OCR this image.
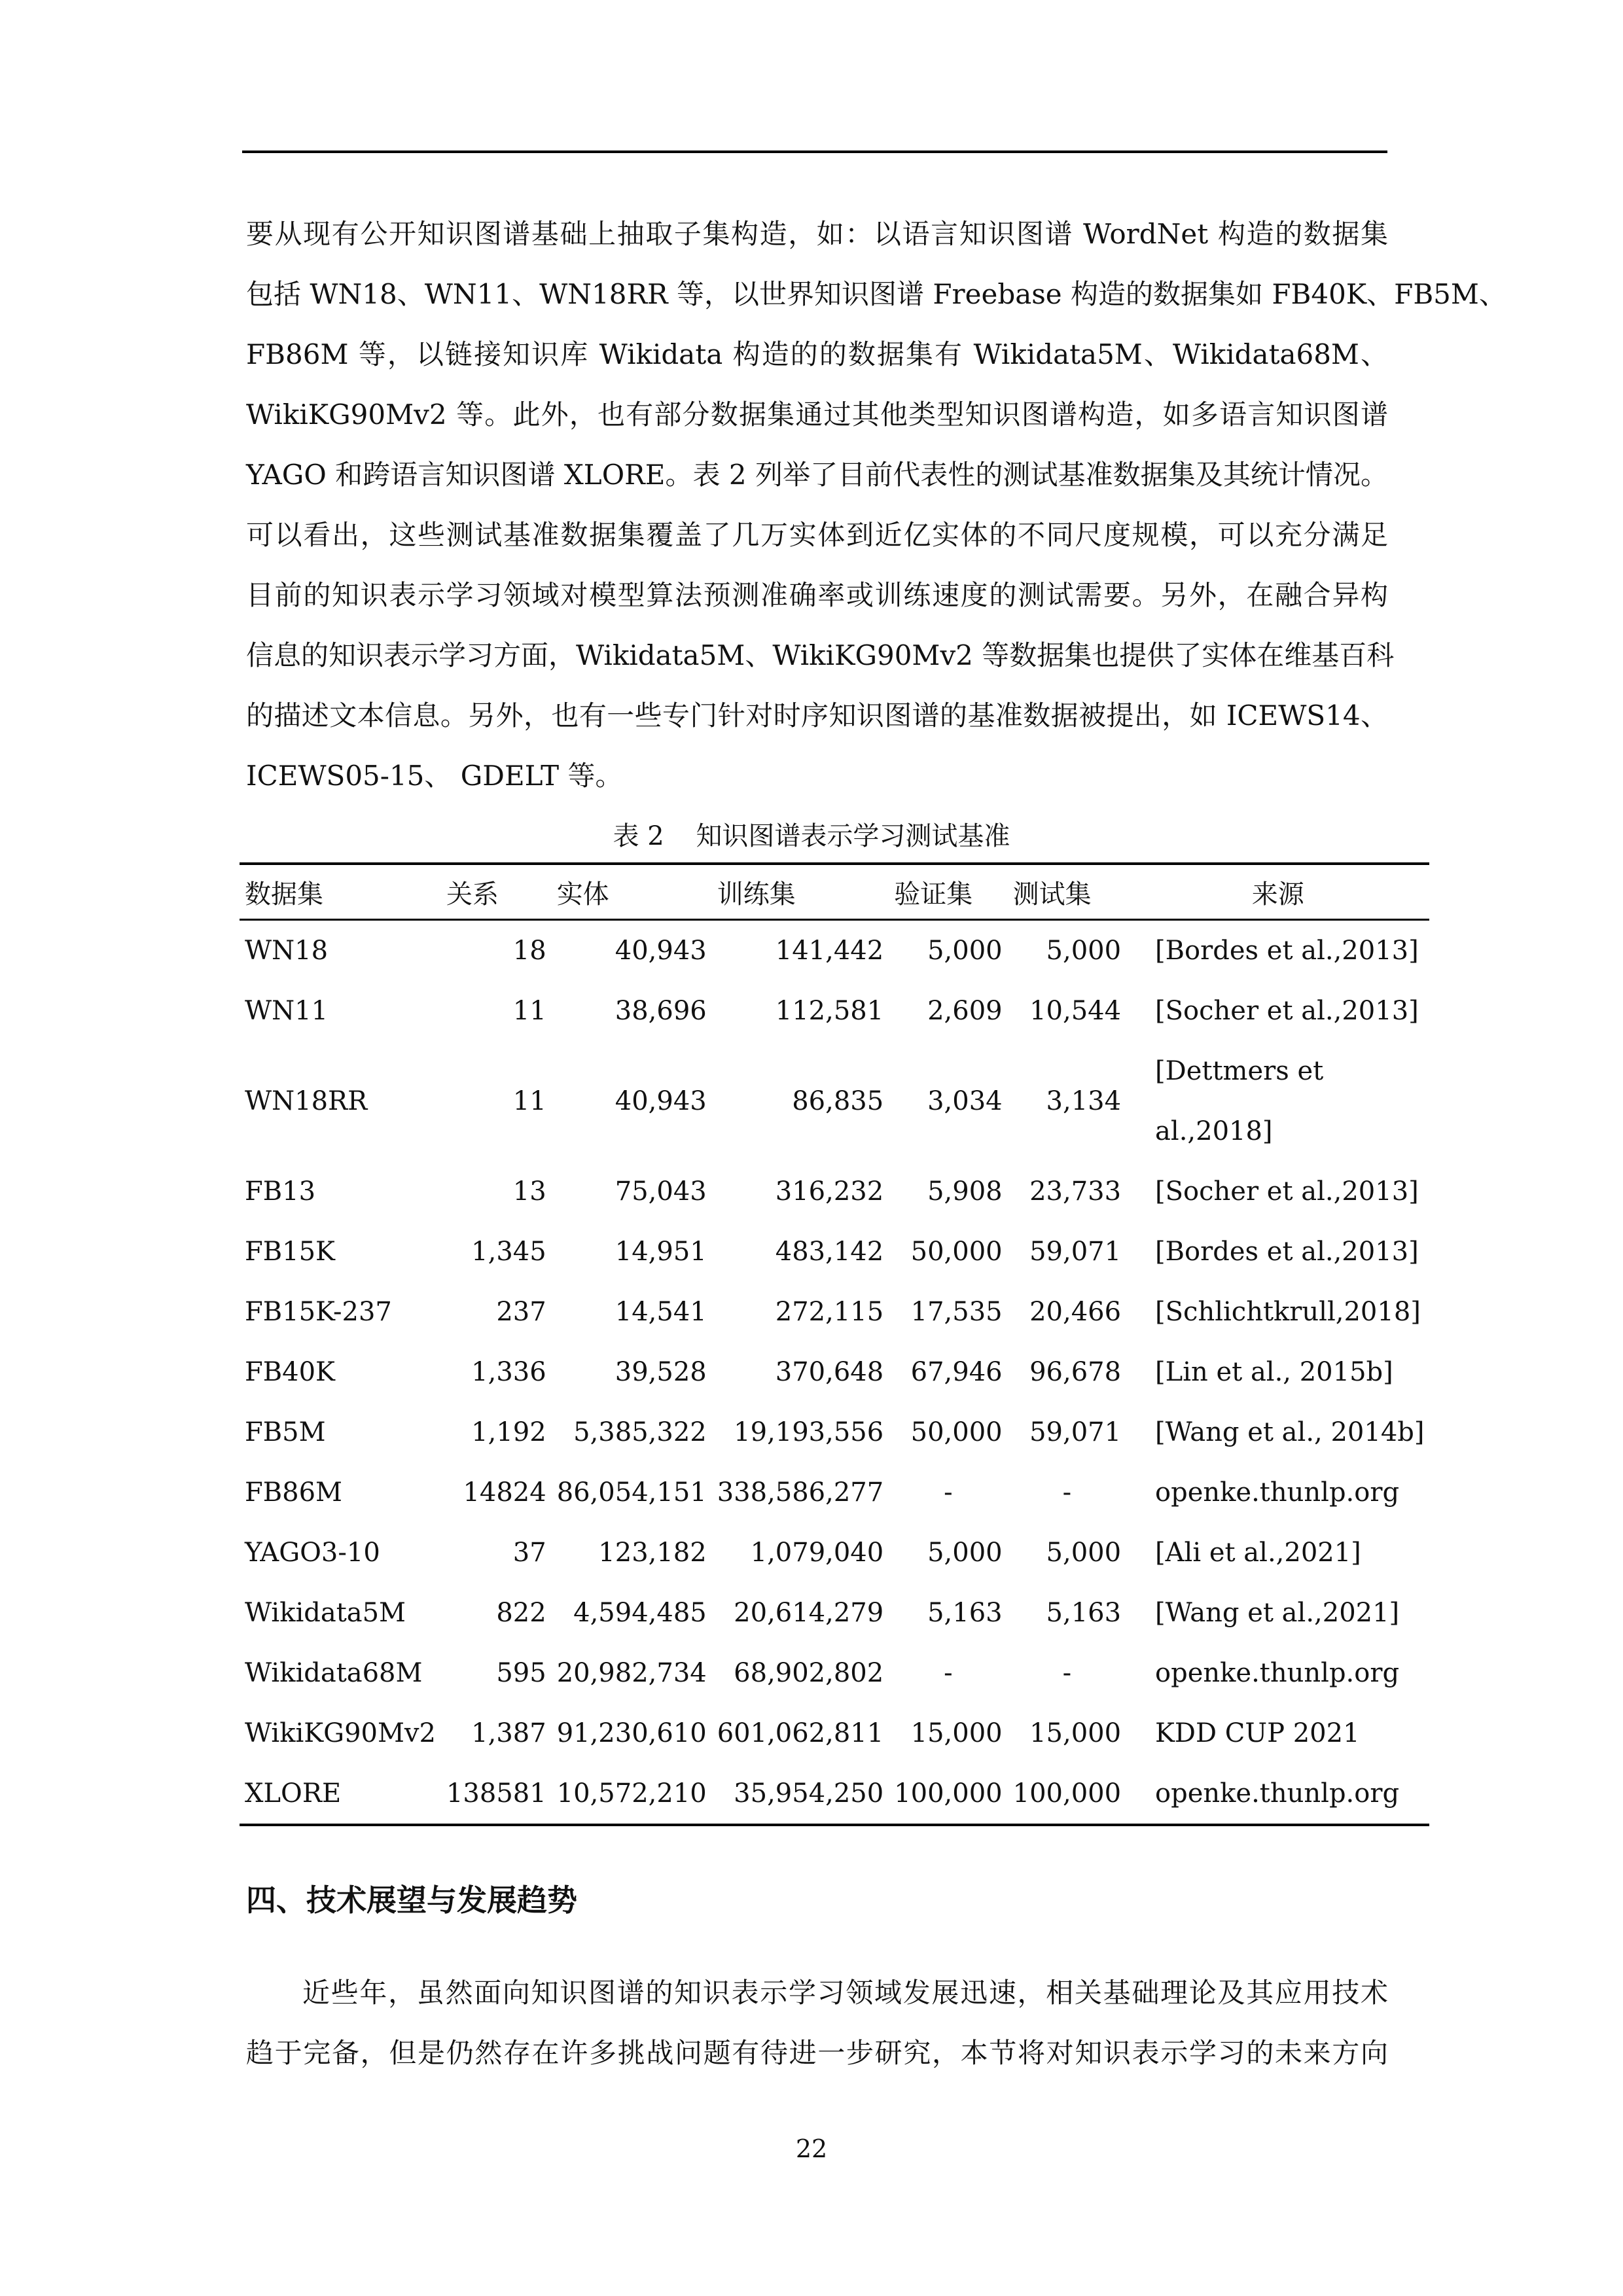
要从现有公开知识图谱基础上抽取子集构造，如：以语言知识图谱 WordNet 构造的数据集
包括 WN18、WN11、WN18RR 等，以世界知识图谱 Freebase 构造的数据集如 FB40K、FB5M、
FB86M 等，以链接知识库 Wikidata 构造的的数据集有 Wikidata5M、Wikidata68M、
WikiKG90Mv2 等。此外，也有部分数据集通过其他类型知识图谱构造，如多语言知识图谱
YAGO 和跨语言知识图谱 XLORE。表 2 列举了目前代表性的测试基准数据集及其统计情况。
可以看出，这些测试基准数据集覆盖了几万实体到近亿实体的不同尺度规模，可以充分满足
目前的知识表示学习领域对模型算法预测准确率或训练速度的测试需要。另外，在融合异构
信息的知识表示学习方面，Wikidata5M、WikiKG90Mv2 等数据集也提供了实体在维基百科
的描述文本信息。另外，也有一些专门针对时序知识图谱的基准数据被提出，如 ICEWS14、
ICEWS05-15、 GDELT 等。
表 2 知识图谱表示学习测试基准
数据集	关系	实体	训练集	验证集	测试集	来源
WN18	18	40,943	141,442	5,000	5,000	[Bordes et al.,2013]
WN11	11	38,696	112,581	2,609	10,544	[Socher et al.,2013]
WN18RR	11	40,943	86,835	3,034	3,134	[Dettmers et al.,2018]
FB13	13	75,043	316,232	5,908	23,733	[Socher et al.,2013]
FB15K	1,345	14,951	483,142	50,000	59,071	[Bordes et al.,2013]
FB15K-237	237	14,541	272,115	17,535	20,466	[Schlichtkrull,2018]
FB40K	1,336	39,528	370,648	67,946	96,678	[Lin et al., 2015b]
FB5M	1,192	5,385,322	19,193,556	50,000	59,071	[Wang et al., 2014b]
FB86M	14824	86,054,151	338,586,277	-	-	openke.thunlp.org
YAGO3-10	37	123,182	1,079,040	5,000	5,000	[Ali et al.,2021]
Wikidata5M	822	4,594,485	20,614,279	5,163	5,163	[Wang et al.,2021]
Wikidata68M	595	20,982,734	68,902,802	-	-	openke.thunlp.org
WikiKG90Mv2	1,387	91,230,610	601,062,811	15,000	15,000	KDD CUP 2021
XLORE	138581	10,572,210	35,954,250	100,000	100,000	openke.thunlp.org
四、技术展望与发展趋势
近些年，虽然面向知识图谱的知识表示学习领域发展迅速，相关基础理论及其应用技术
趋于完备，但是仍然存在许多挑战问题有待进一步研究，本节将对知识表示学习的未来方向
22
